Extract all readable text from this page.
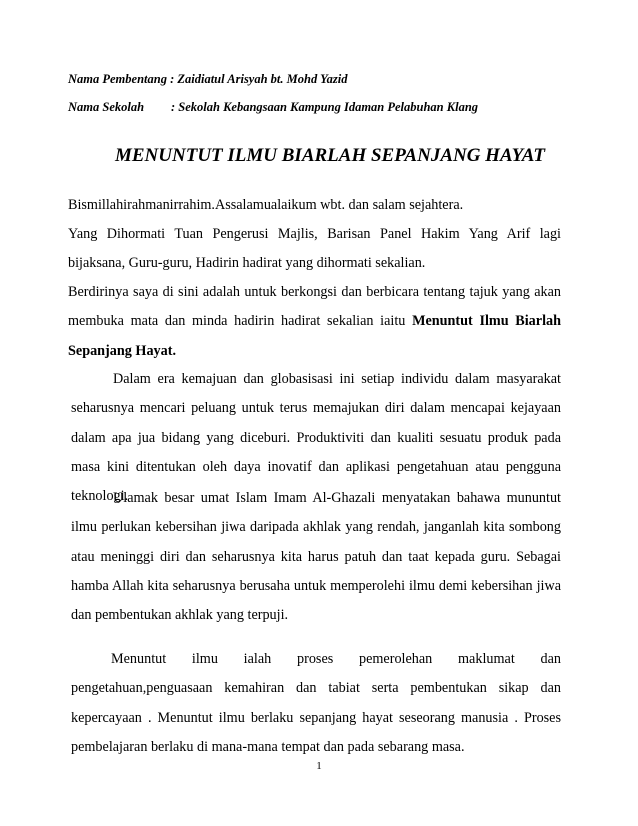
Nama Pembentang : Zaidiatul Arisyah bt. Mohd Yazid
Nama Sekolah : Sekolah Kebangsaan Kampung Idaman Pelabuhan Klang
MENUNTUT ILMU BIARLAH SEPANJANG HAYAT
Bismillahirahmanirrahim.Assalamualaikum wbt. dan salam sejahtera.
Yang Dihormati Tuan Pengerusi Majlis, Barisan Panel Hakim Yang Arif lagi bijaksana, Guru-guru, Hadirin hadirat yang dihormati sekalian.
Berdirinya saya di sini adalah untuk berkongsi dan berbicara tentang tajuk yang akan membuka mata dan minda hadirin hadirat sekalian iaitu Menuntut Ilmu Biarlah Sepanjang Hayat.
Dalam era kemajuan dan globasisasi ini setiap individu dalam masyarakat seharusnya mencari peluang untuk terus memajukan diri dalam mencapai kejayaan dalam apa jua bidang yang diceburi. Produktiviti dan kualiti sesuatu produk pada masa kini ditentukan oleh daya inovatif dan aplikasi pengetahuan atau pengguna teknologi.
Ulamak besar umat Islam Imam Al-Ghazali menyatakan bahawa mununtut ilmu perlukan kebersihan jiwa daripada akhlak yang rendah, janganlah kita sombong atau meninggi diri dan seharusnya kita harus patuh dan taat kepada guru. Sebagai hamba Allah kita seharusnya berusaha untuk memperolehi ilmu demi kebersihan jiwa dan pembentukan akhlak yang terpuji.
Menuntut ilmu ialah proses pemerolehan maklumat dan pengetahuan,penguasaan kemahiran dan tabiat serta pembentukan sikap dan kepercayaan . Menuntut ilmu berlaku sepanjang hayat seseorang manusia . Proses pembelajaran berlaku di mana-mana tempat dan pada sebarang masa.
1
